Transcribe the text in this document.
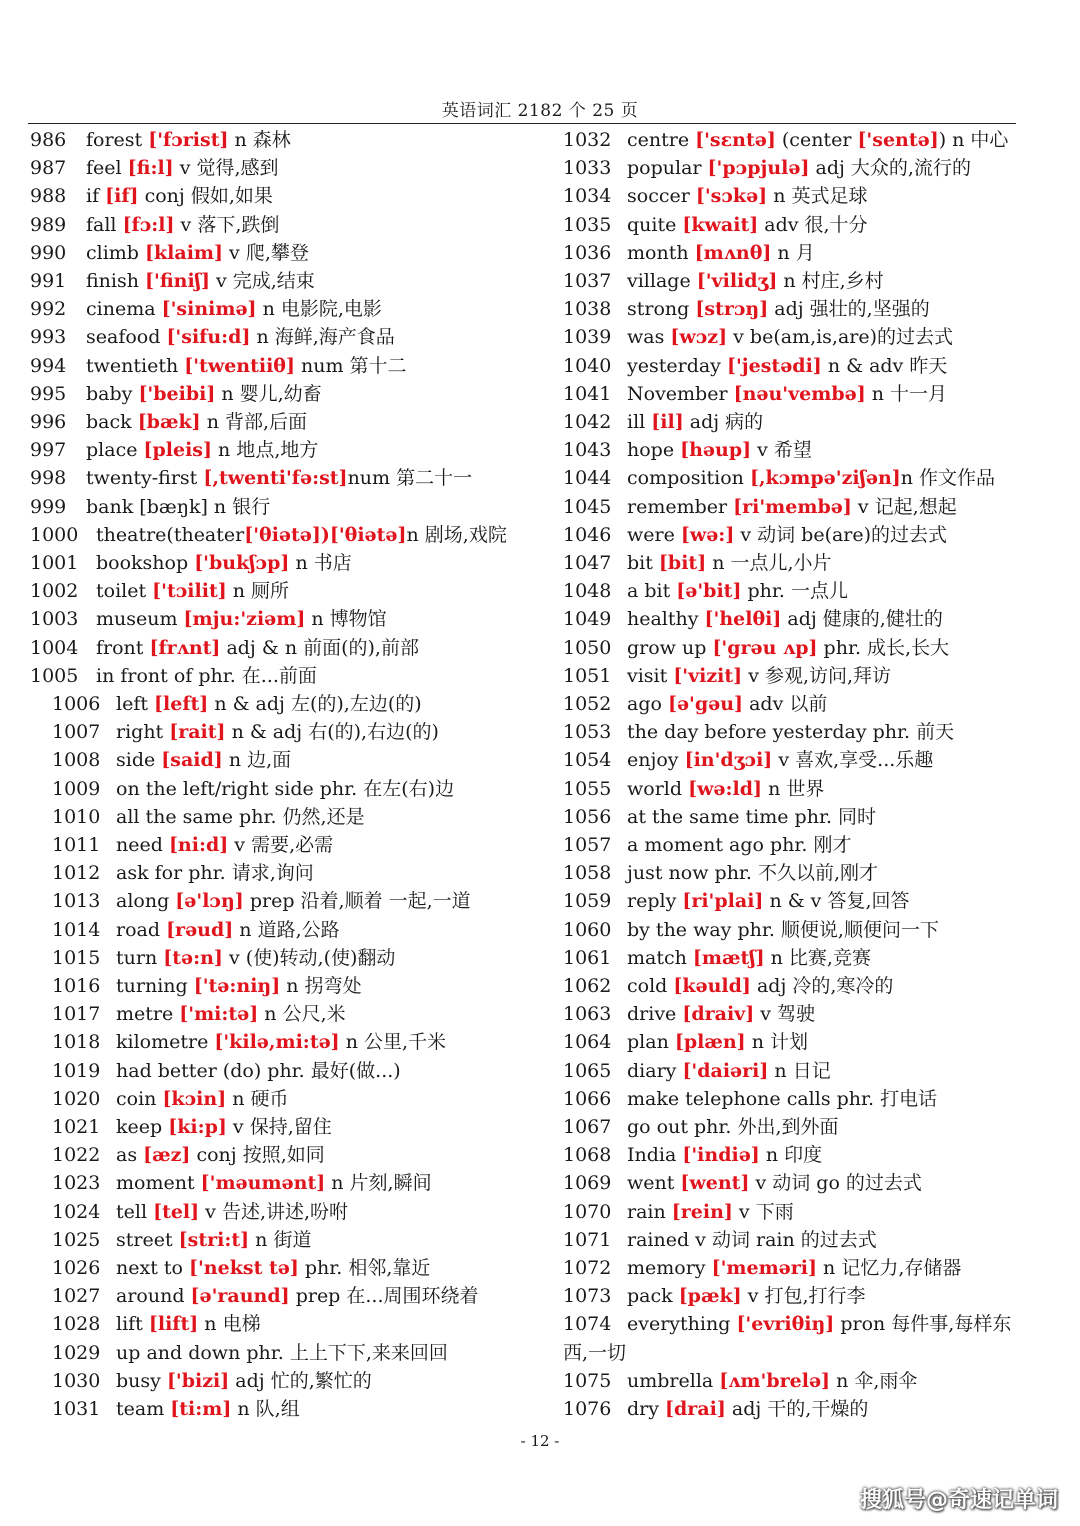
英语词汇 2182 个 25 页
986 forest ['fɔrist] n 森林
987 feel [fi:l] v 觉得,感到
988 if [if] conj 假如,如果
989 fall [fɔ:l] v 落下,跌倒
990 climb [klaim] v 爬,攀登
991 finish ['finiʃ] v 完成,结束
992 cinema ['sinimə] n 电影院,电影
993 seafood ['sifu:d] n 海鲜,海产食品
994 twentieth ['twentiiθ] num 第十二
995 baby ['beibi] n 婴儿,幼畜
996 back [bæk] n 背部,后面
997 place [pleis] n 地点,地方
998 twenty-first [,twenti'fə:st]num 第二十一
999 bank [bæŋk] n 银行
1000 theatre(theater['θiətə])['θiətə]n 剧场,戏院
1001 bookshop ['bukʃɔp] n 书店
1002 toilet ['tɔilit] n 厕所
1003 museum [mju:'ziəm] n 博物馆
1004 front [frʌnt] adj & n 前面(的),前部
1005 in front of phr. 在...前面
1006 left [left] n & adj 左(的),左边(的)
1007 right [rait] n & adj 右(的),右边(的)
1008 side [said] n 边,面
1009 on the left/right side phr. 在左(右)边
1010 all the same phr. 仍然,还是
1011 need [ni:d] v 需要,必需
1012 ask for phr. 请求,询问
1013 along [ə'lɔŋ] prep 沿着,顺着 一起,一道
1014 road [rəud] n 道路,公路
1015 turn [tə:n] v (使)转动,(使)翻动
1016 turning ['tə:niŋ] n 拐弯处
1017 metre ['mi:tə] n 公尺,米
1018 kilometre ['kilə,mi:tə] n 公里,千米
1019 had better (do) phr. 最好(做...)
1020 coin [kɔin] n 硬币
1021 keep [ki:p] v 保持,留住
1022 as [æz] conj 按照,如同
1023 moment ['məumənt] n 片刻,瞬间
1024 tell [tel] v 告述,讲述,吩咐
1025 street [stri:t] n 街道
1026 next to ['nekst tə] phr. 相邻,靠近
1027 around [ə'raund] prep 在...周围环绕着
1028 lift [lift] n 电梯
1029 up and down phr. 上上下下,来来回回
1030 busy ['bizi] adj 忙的,繁忙的
1031 team [ti:m] n 队,组
1032 centre ['sɛntə] (center ['sentə]) n 中心
1033 popular ['pɔpjulə] adj 大众的,流行的
1034 soccer ['sɔkə] n 英式足球
1035 quite [kwait] adv 很,十分
1036 month [mʌnθ] n 月
1037 village ['vilidʒ] n 村庄,乡村
1038 strong [strɔŋ] adj 强壮的,坚强的
1039 was [wɔz] v be(am,is,are)的过去式
1040 yesterday ['jestədi] n & adv 昨天
1041 November [nəu'vembə] n 十一月
1042 ill [il] adj 病的
1043 hope [həup] v 希望
1044 composition [,kɔmpə'ziʃən]n 作文作品
1045 remember [ri'membə] v 记起,想起
1046 were [wə:] v 动词 be(are)的过去式
1047 bit [bit] n 一点儿,小片
1048 a bit [ə'bit] phr. 一点儿
1049 healthy ['helθi] adj 健康的,健壮的
1050 grow up ['grəu ʌp] phr. 成长,长大
1051 visit ['vizit] v 参观,访问,拜访
1052 ago [ə'gəu] adv 以前
1053 the day before yesterday phr. 前天
1054 enjoy [in'dʒɔi] v 喜欢,享受...乐趣
1055 world [wə:ld] n 世界
1056 at the same time phr. 同时
1057 a moment ago phr. 刚才
1058 just now phr. 不久以前,刚才
1059 reply [ri'plai] n & v 答复,回答
1060 by the way phr. 顺便说,顺便问一下
1061 match [mætʃ] n 比赛,竞赛
1062 cold [kəuld] adj 冷的,寒冷的
1063 drive [draiv] v 驾驶
1064 plan [plæn] n 计划
1065 diary ['daiəri] n 日记
1066 make telephone calls phr. 打电话
1067 go out phr. 外出,到外面
1068 India ['indiə] n 印度
1069 went [went] v 动词 go 的过去式
1070 rain [rein] v 下雨
1071 rained v 动词 rain 的过去式
1072 memory ['meməri] n 记忆力,存储器
1073 pack [pæk] v 打包,打行李
1074 everything ['evriθiŋ] pron 每件事,每样东
西,一切
1075 umbrella [ʌm'brelə] n 伞,雨伞
1076 dry [drai] adj 干的,干燥的
- 12 -
搜狐号@奇速记单词
